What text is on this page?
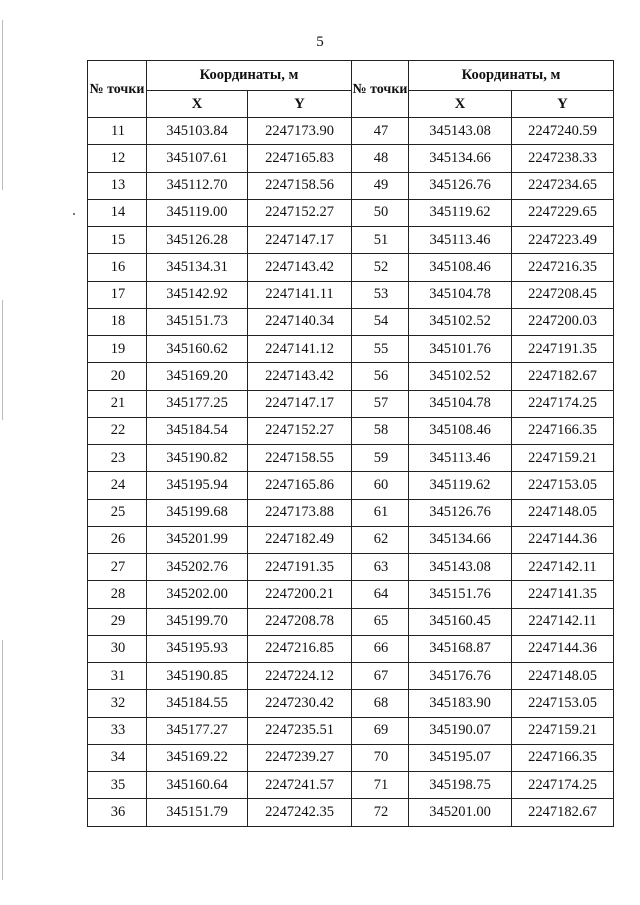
5
№ точки	Координаты, м		№ точки	Координаты, м	
	X	Y		X	Y
11	345103.84	2247173.90	47	345143.08	2247240.59
12	345107.61	2247165.83	48	345134.66	2247238.33
13	345112.70	2247158.56	49	345126.76	2247234.65
14	345119.00	2247152.27	50	345119.62	2247229.65
15	345126.28	2247147.17	51	345113.46	2247223.49
16	345134.31	2247143.42	52	345108.46	2247216.35
17	345142.92	2247141.11	53	345104.78	2247208.45
18	345151.73	2247140.34	54	345102.52	2247200.03
19	345160.62	2247141.12	55	345101.76	2247191.35
20	345169.20	2247143.42	56	345102.52	2247182.67
21	345177.25	2247147.17	57	345104.78	2247174.25
22	345184.54	2247152.27	58	345108.46	2247166.35
23	345190.82	2247158.55	59	345113.46	2247159.21
24	345195.94	2247165.86	60	345119.62	2247153.05
25	345199.68	2247173.88	61	345126.76	2247148.05
26	345201.99	2247182.49	62	345134.66	2247144.36
27	345202.76	2247191.35	63	345143.08	2247142.11
28	345202.00	2247200.21	64	345151.76	2247141.35
29	345199.70	2247208.78	65	345160.45	2247142.11
30	345195.93	2247216.85	66	345168.87	2247144.36
31	345190.85	2247224.12	67	345176.76	2247148.05
32	345184.55	2247230.42	68	345183.90	2247153.05
33	345177.27	2247235.51	69	345190.07	2247159.21
34	345169.22	2247239.27	70	345195.07	2247166.35
35	345160.64	2247241.57	71	345198.75	2247174.25
36	345151.79	2247242.35	72	345201.00	2247182.67
